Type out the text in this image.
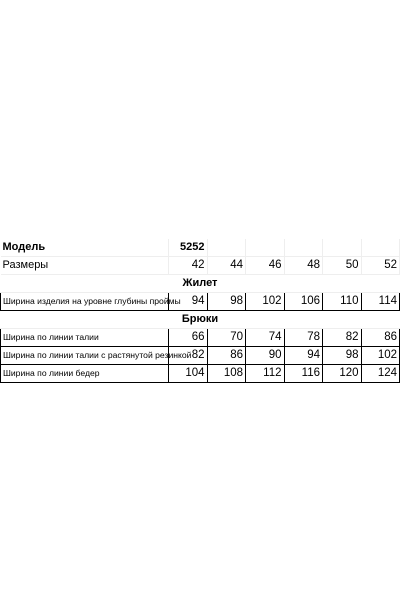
Модель	5252					
Размеры	42	44	46	48	50	52
Жилет						
Ширина изделия на уровне глубины проймы	94	98	102	106	110	114
Брюки						
Ширина по линии талии	66	70	74	78	82	86
Ширина по линии талии с растянутой резинкой	82	86	90	94	98	102
Ширина по линии бедер	104	108	112	116	120	124
